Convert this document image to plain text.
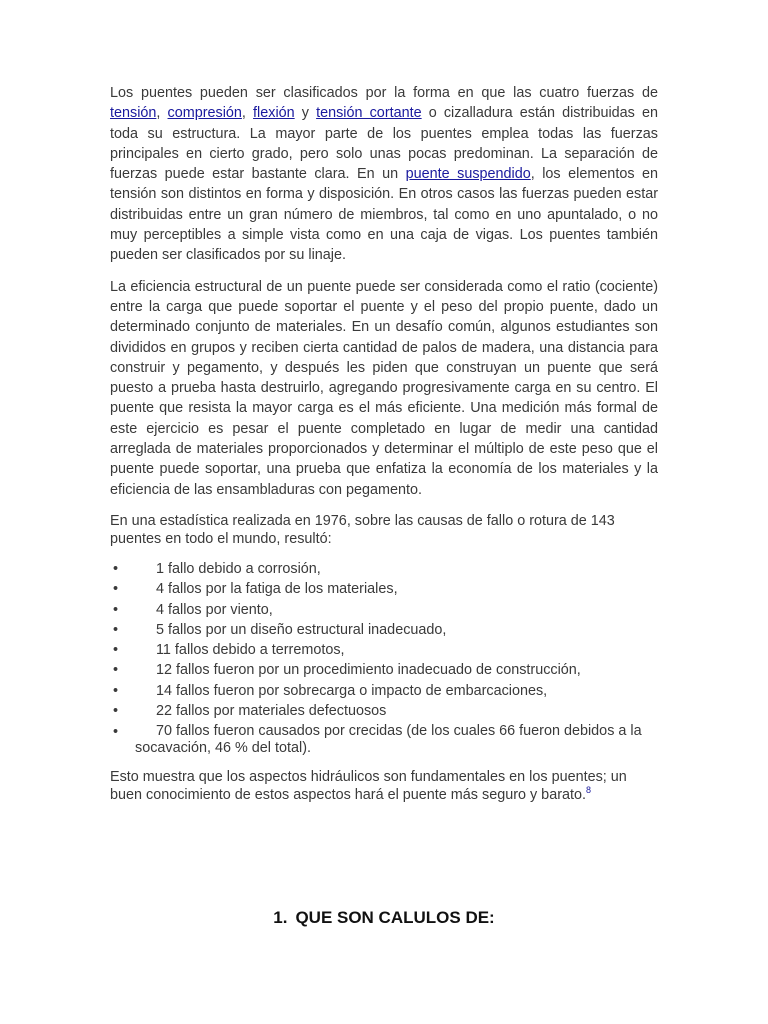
Los puentes pueden ser clasificados por la forma en que las cuatro fuerzas de tensión, compresión, flexión y tensión cortante o cizalladura están distribuidas en toda su estructura. La mayor parte de los puentes emplea todas las fuerzas principales en cierto grado, pero solo unas pocas predominan. La separación de fuerzas puede estar bastante clara. En un puente suspendido, los elementos en tensión son distintos en forma y disposición. En otros casos las fuerzas pueden estar distribuidas entre un gran número de miembros, tal como en uno apuntalado, o no muy perceptibles a simple vista como en una caja de vigas. Los puentes también pueden ser clasificados por su linaje.

La eficiencia estructural de un puente puede ser considerada como el ratio (cociente) entre la carga que puede soportar el puente y el peso del propio puente, dado un determinado conjunto de materiales. En un desafío común, algunos estudiantes son divididos en grupos y reciben cierta cantidad de palos de madera, una distancia para construir y pegamento, y después les piden que construyan un puente que será puesto a prueba hasta destruirlo, agregando progresivamente carga en su centro. El puente que resista la mayor carga es el más eficiente. Una medición más formal de este ejercicio es pesar el puente completado en lugar de medir una cantidad arreglada de materiales proporcionados y determinar el múltiplo de este peso que el puente puede soportar, una prueba que enfatiza la economía de los materiales y la eficiencia de las ensambladuras con pegamento.

En una estadística realizada en 1976, sobre las causas de fallo o rotura de 143 puentes en todo el mundo, resultó:

•	1 fallo debido a corrosión,
•	4 fallos por la fatiga de los materiales,
•	4 fallos por viento,
•	5 fallos por un diseño estructural inadecuado,
•	11 fallos debido a terremotos,
•	12 fallos fueron por un procedimiento inadecuado de construcción,
•	14 fallos fueron por sobrecarga o impacto de embarcaciones,
•	22 fallos por materiales defectuosos
•	70 fallos fueron causados por crecidas (de los cuales 66 fueron debidos a la socavación, 46 % del total).

Esto muestra que los aspectos hidráulicos son fundamentales en los puentes; un buen conocimiento de estos aspectos hará el puente más seguro y barato.$^8$

1. QUE SON CALULOS DE:
